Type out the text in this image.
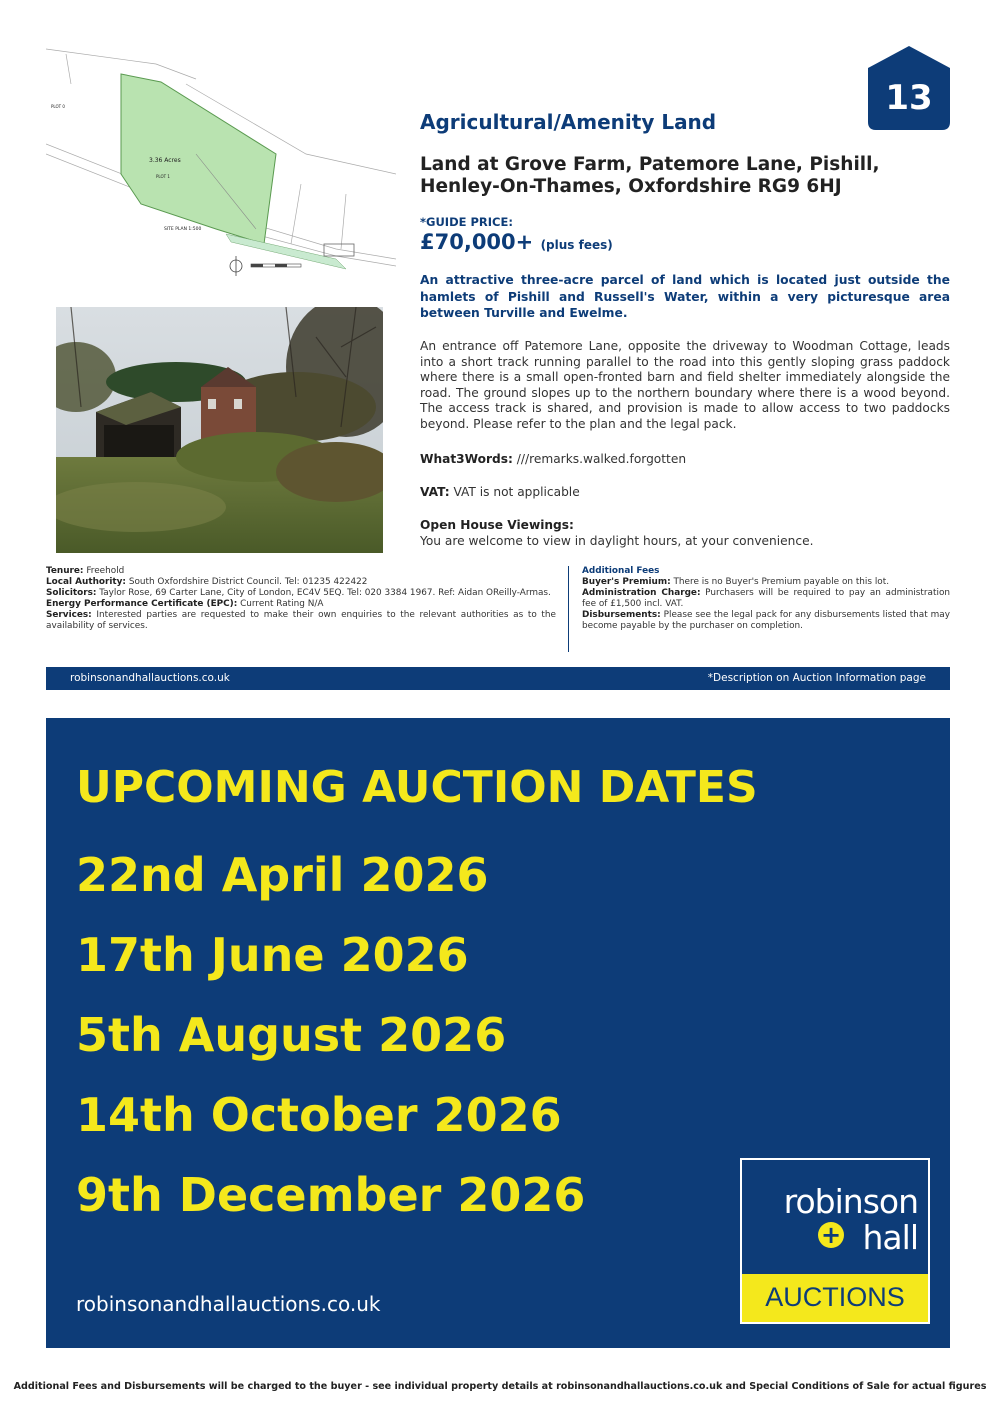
13
3.36 Acres
PLOT 1
PLOT 0
SITE PLAN 1:500
Agricultural/Amenity Land
Land at Grove Farm, Patemore Lane, Pishill,
Henley-On-Thames, Oxfordshire RG9 6HJ
*GUIDE PRICE:
£70,000+ (plus fees)
An attractive three-acre parcel of land which is located just outside the hamlets of Pishill and Russell's Water, within a very picturesque area between Turville and Ewelme.
An entrance off Patemore Lane, opposite the driveway to Woodman Cottage, leads into a short track running parallel to the road into this gently sloping grass paddock where there is a small open-fronted barn and field shelter immediately alongside the road. The ground slopes up to the northern boundary where there is a wood beyond. The access track is shared, and provision is made to allow access to two paddocks beyond. Please refer to the plan and the legal pack.
What3Words: ///remarks.walked.forgotten
VAT: VAT is not applicable
Open House Viewings:
You are welcome to view in daylight hours, at your convenience.
Tenure: Freehold
Local Authority: South Oxfordshire District Council. Tel: 01235 422422
Solicitors: Taylor Rose, 69 Carter Lane, City of London, EC4V 5EQ. Tel: 020 3384 1967. Ref: Aidan OReilly-Armas.
Energy Performance Certificate (EPC): Current Rating N/A
Services: Interested parties are requested to make their own enquiries to the relevant authorities as to the availability of services.
Additional Fees
Buyer's Premium: There is no Buyer's Premium payable on this lot.
Administration Charge: Purchasers will be required to pay an administration fee of £1,500 incl. VAT.
Disbursements: Please see the legal pack for any disbursements listed that may become payable by the purchaser on completion.
robinsonandhallauctions.co.uk	*Description on Auction Information page
UPCOMING AUCTION DATES
22nd April 2026
17th June 2026
5th August 2026
14th October 2026
9th December 2026
robinsonandhallauctions.co.uk
robinson
hall
+
AUCTIONS
Additional Fees and Disbursements will be charged to the buyer - see individual property details at robinsonandhallauctions.co.uk and Special Conditions of Sale for actual figures
